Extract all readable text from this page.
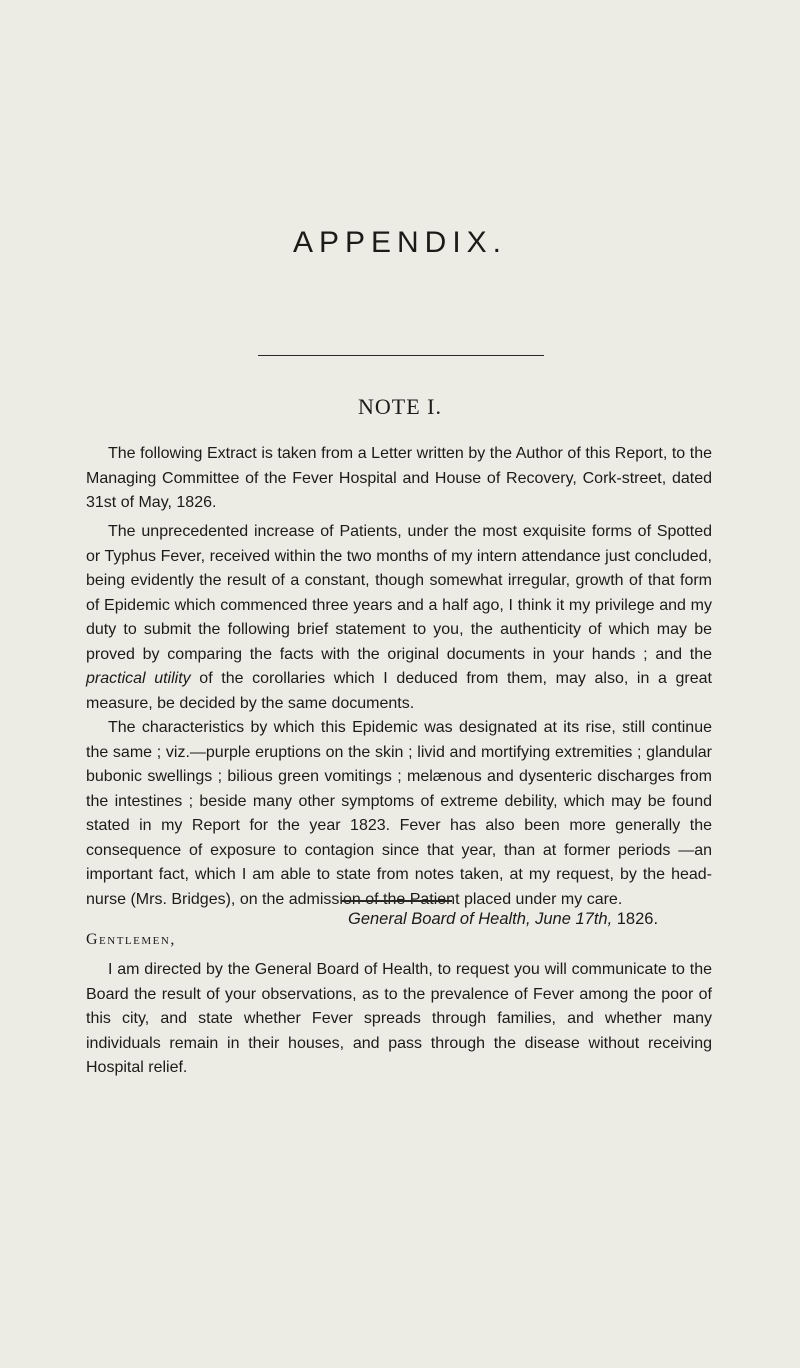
APPENDIX.
NOTE I.

The following Extract is taken from a Letter written by the Author of this Report, to the Managing Committee of the Fever Hospital and House of Recovery, Cork-street, dated 31st of May, 1826.

The unprecedented increase of Patients, under the most exquisite forms of Spotted or Typhus Fever, received within the two months of my intern attendance just concluded, being evidently the result of a constant, though somewhat irregular, growth of that form of Epidemic which commenced three years and a half ago, I think it my privilege and my duty to submit the following brief statement to you, the authenticity of which may be proved by comparing the facts with the original documents in your hands ; and the practical utility of the corollaries which I deduced from them, may also, in a great measure, be decided by the same documents.

The characteristics by which this Epidemic was designated at its rise, still continue the same ; viz.—purple eruptions on the skin ; livid and mortifying extremities ; glandular bubonic swellings ; bilious green vomitings ; melænous and dysenteric discharges from the intestines ; beside many other symptoms of extreme debility, which may be found stated in my Report for the year 1823. Fever has also been more generally the consequence of exposure to contagion since that year, than at former periods —an important fact, which I am able to state from notes taken, at my request, by the head-nurse (Mrs. Bridges), on the admission of the Patient placed under my care.

General Board of Health, June 17th, 1826.
Gentlemen,

I am directed by the General Board of Health, to request you will communicate to the Board the result of your observations, as to the prevalence of Fever among the poor of this city, and state whether Fever spreads through families, and whether many individuals remain in their houses, and pass through the disease without receiving Hospital relief.
